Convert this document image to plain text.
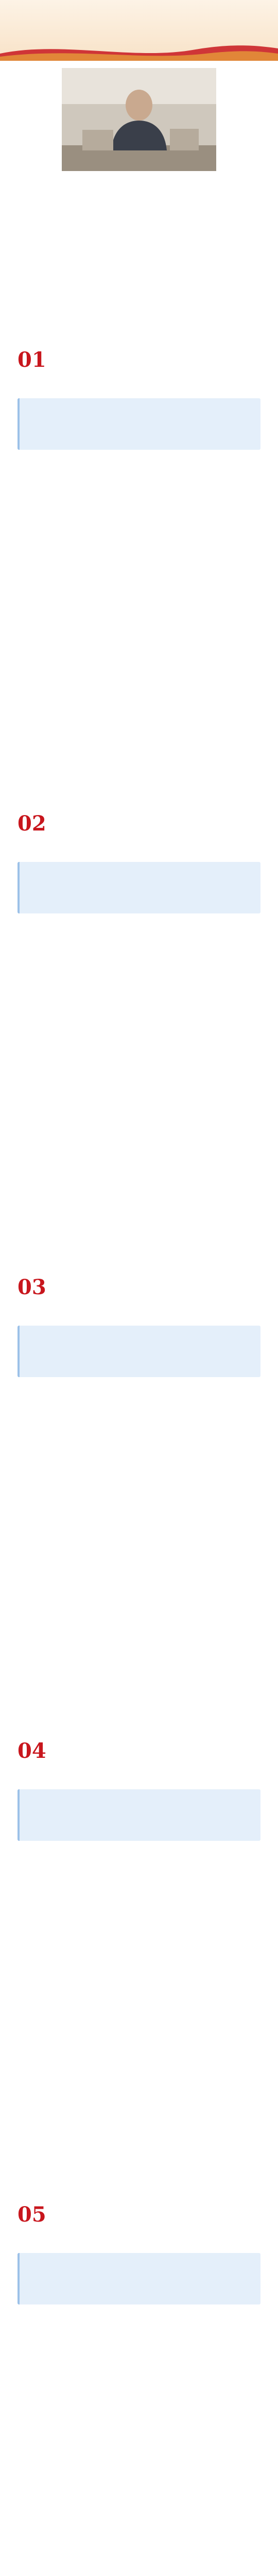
01

02

03

04

05
